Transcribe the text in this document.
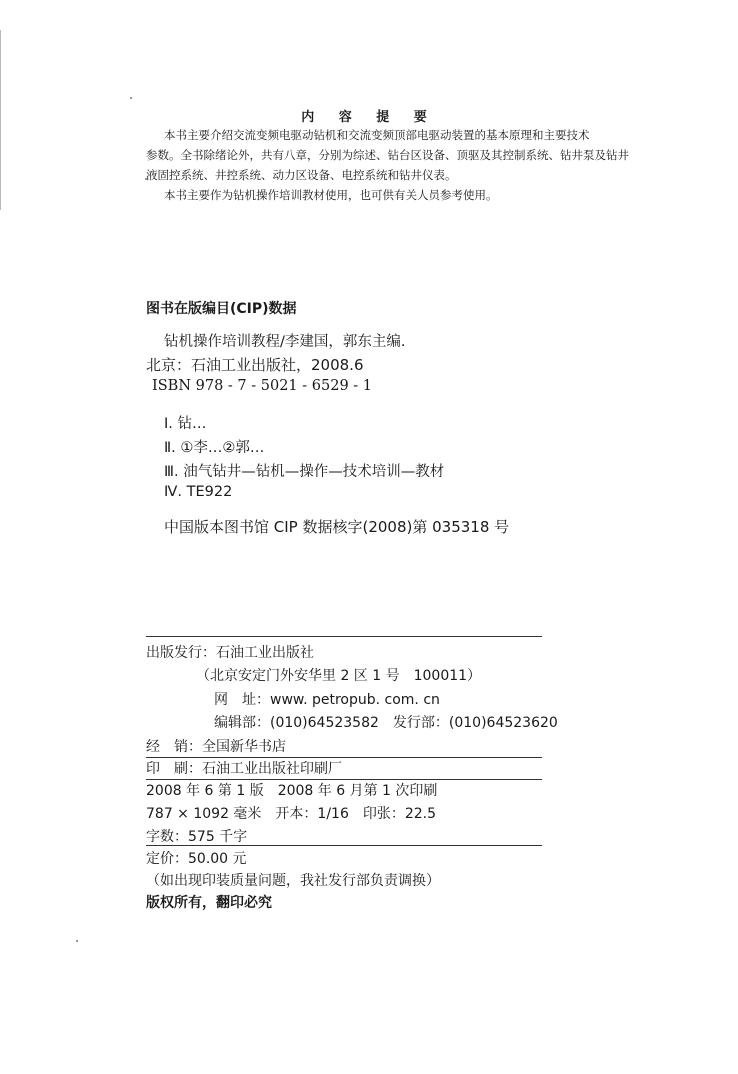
内 容 提 要
本书主要介绍交流变频电驱动钻机和交流变频顶部电驱动装置的基本原理和主要技术
参数。全书除绪论外，共有八章，分别为综述、钻台区设备、顶驱及其控制系统、钻井泵及钻井
液固控系统、井控系统、动力区设备、电控系统和钻井仪表。
本书主要作为钻机操作培训教材使用，也可供有关人员参考使用。
图书在版编目(CIP)数据
钻机操作培训教程/李建国，郭东主编.
北京：石油工业出版社，2008.6
ISBN 978 - 7 - 5021 - 6529 - 1
Ⅰ. 钻…
Ⅱ. ①李…②郭…
Ⅲ. 油气钻井—钻机—操作—技术培训—教材
Ⅳ. TE922
中国版本图书馆 CIP 数据核字(2008)第 035318 号
出版发行：石油工业出版社
（北京安定门外安华里 2 区 1 号　100011）
网　址：www. petropub. com. cn
编辑部：(010)64523582　发行部：(010)64523620
经　销：全国新华书店
印　刷：石油工业出版社印刷厂
2008 年 6 第 1 版　2008 年 6 月第 1 次印刷
787 × 1092 毫米　开本：1/16　印张：22.5
字数：575 千字
定价：50.00 元
（如出现印装质量问题，我社发行部负责调换）
版权所有，翻印必究
